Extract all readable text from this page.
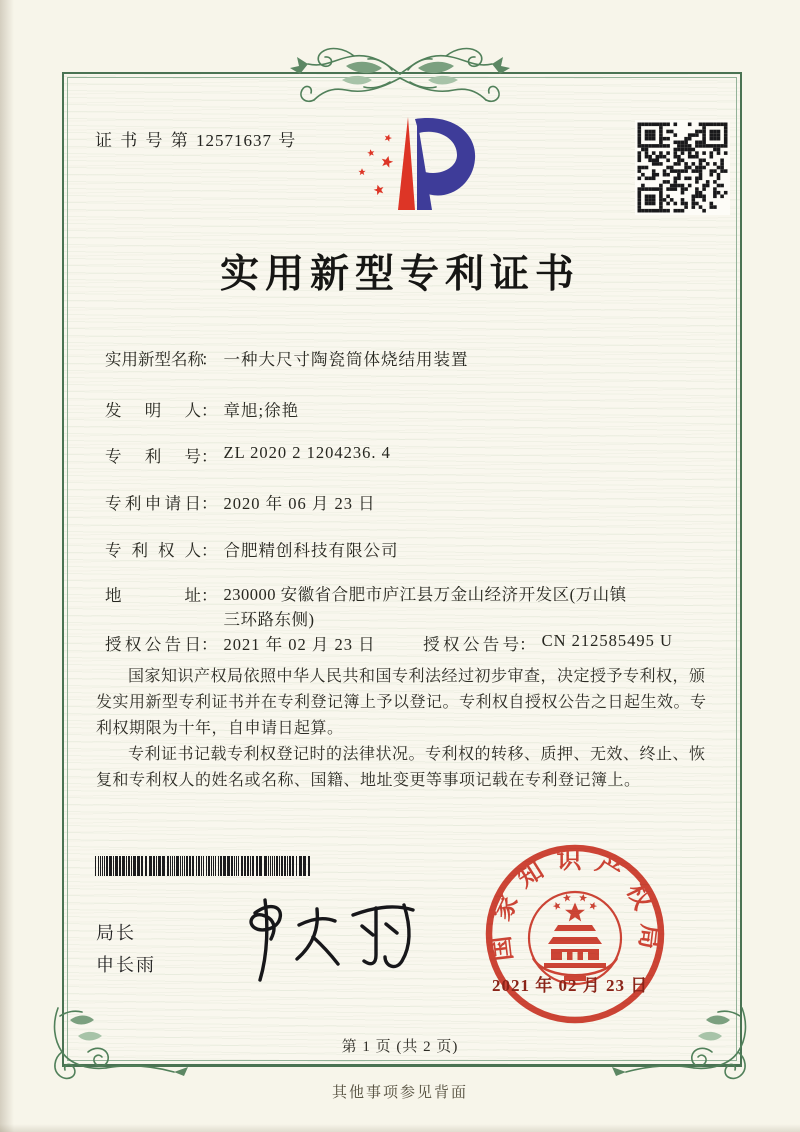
证 书 号 第 12571637 号
实用新型专利证书
实用新型名称： 一种大尺寸陶瓷筒体烧结用装置
发明人： 章旭;徐艳
专利号： ZL 2020 2 1204236. 4
专利申请日： 2020 年 06 月 23 日
专利权人： 合肥精创科技有限公司
地址 ： 230000 安徽省合肥市庐江县万金山经济开发区(万山镇三环路东侧)
授权公告日： 2021 年 02 月 23 日	授权公告号： CN 212585495 U

国家知识产权局依照中华人民共和国专利法经过初步审查，决定授予专利权，颁发实用新型专利证书并在专利登记簿上予以登记。专利权自授权公告之日起生效。专利权期限为十年，自申请日起算。

专利证书记载专利权登记时的法律状况。专利权的转移、质押、无效、终止、恢复和专利权人的姓名或名称、国籍、地址变更等事项记载在专利登记簿上。

局长
申长雨
国家知识产权局
2021 年 02 月 23 日
第 1 页 (共 2 页)
其他事项参见背面
